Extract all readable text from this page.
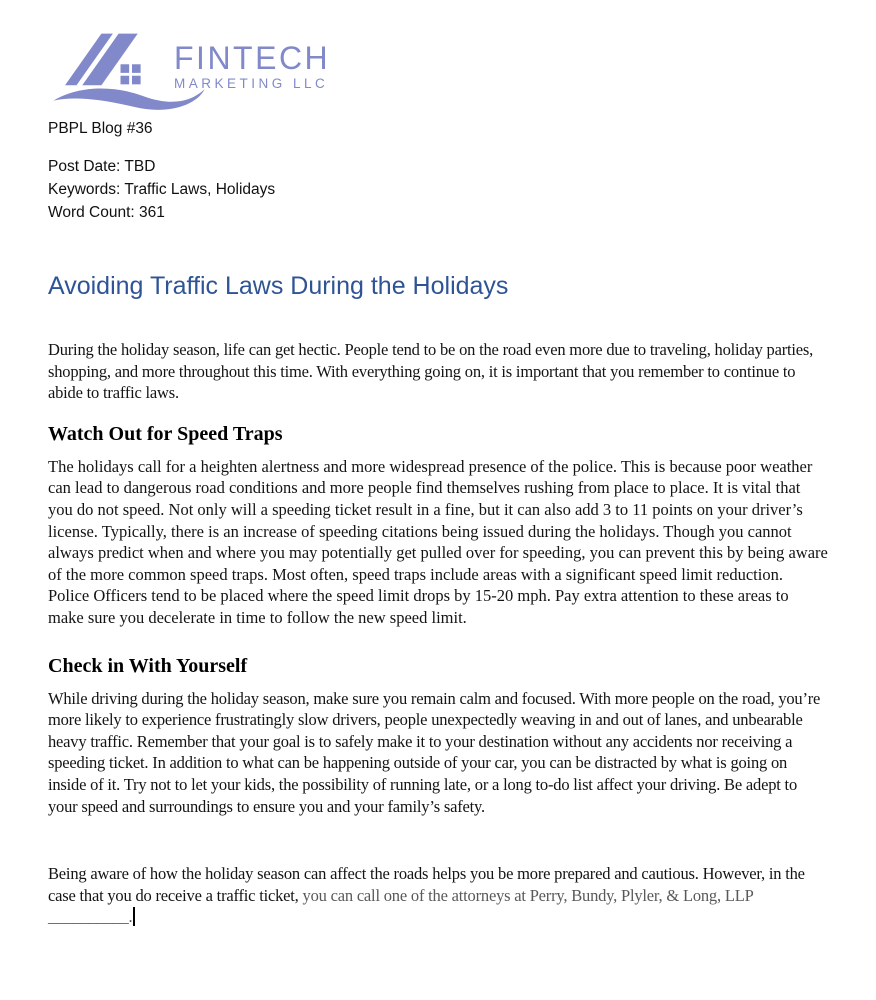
FINTECH
MARKETING LLC
PBPL Blog #36
Post Date: TBD
Keywords: Traffic Laws, Holidays
Word Count: 361
Avoiding Traffic Laws During the Holidays

During the holiday season, life can get hectic. People tend to be on the road even more due to traveling, holiday parties, shopping, and more throughout this time. With everything going on, it is important that you remember to continue to abide to traffic laws.

Watch Out for Speed Traps

The holidays call for a heighten alertness and more widespread presence of the police. This is because poor weather can lead to dangerous road conditions and more people find themselves rushing from place to place. It is vital that you do not speed. Not only will a speeding ticket result in a fine, but it can also add 3 to 11 points on your driver’s license. Typically, there is an increase of speeding citations being issued during the holidays. Though you cannot always predict when and where you may potentially get pulled over for speeding, you can prevent this by being aware of the more common speed traps. Most often, speed traps include areas with a significant speed limit reduction. Police Officers tend to be placed where the speed limit drops by 15-20 mph. Pay extra attention to these areas to make sure you decelerate in time to follow the new speed limit.

Check in With Yourself

While driving during the holiday season, make sure you remain calm and focused. With more people on the road, you’re more likely to experience frustratingly slow drivers, people unexpectedly weaving in and out of lanes, and unbearable heavy traffic. Remember that your goal is to safely make it to your destination without any accidents nor receiving a speeding ticket. In addition to what can be happening outside of your car, you can be distracted by what is going on inside of it. Try not to let your kids, the possibility of running late, or a long to-do list affect your driving. Be adept to your speed and surroundings to ensure you and your family’s safety.

Being aware of how the holiday season can affect the roads helps you be more prepared and cautious. However, in the case that you do receive a traffic ticket, you can call one of the attorneys at Perry, Bundy, Plyler, & Long, LLP __________.
